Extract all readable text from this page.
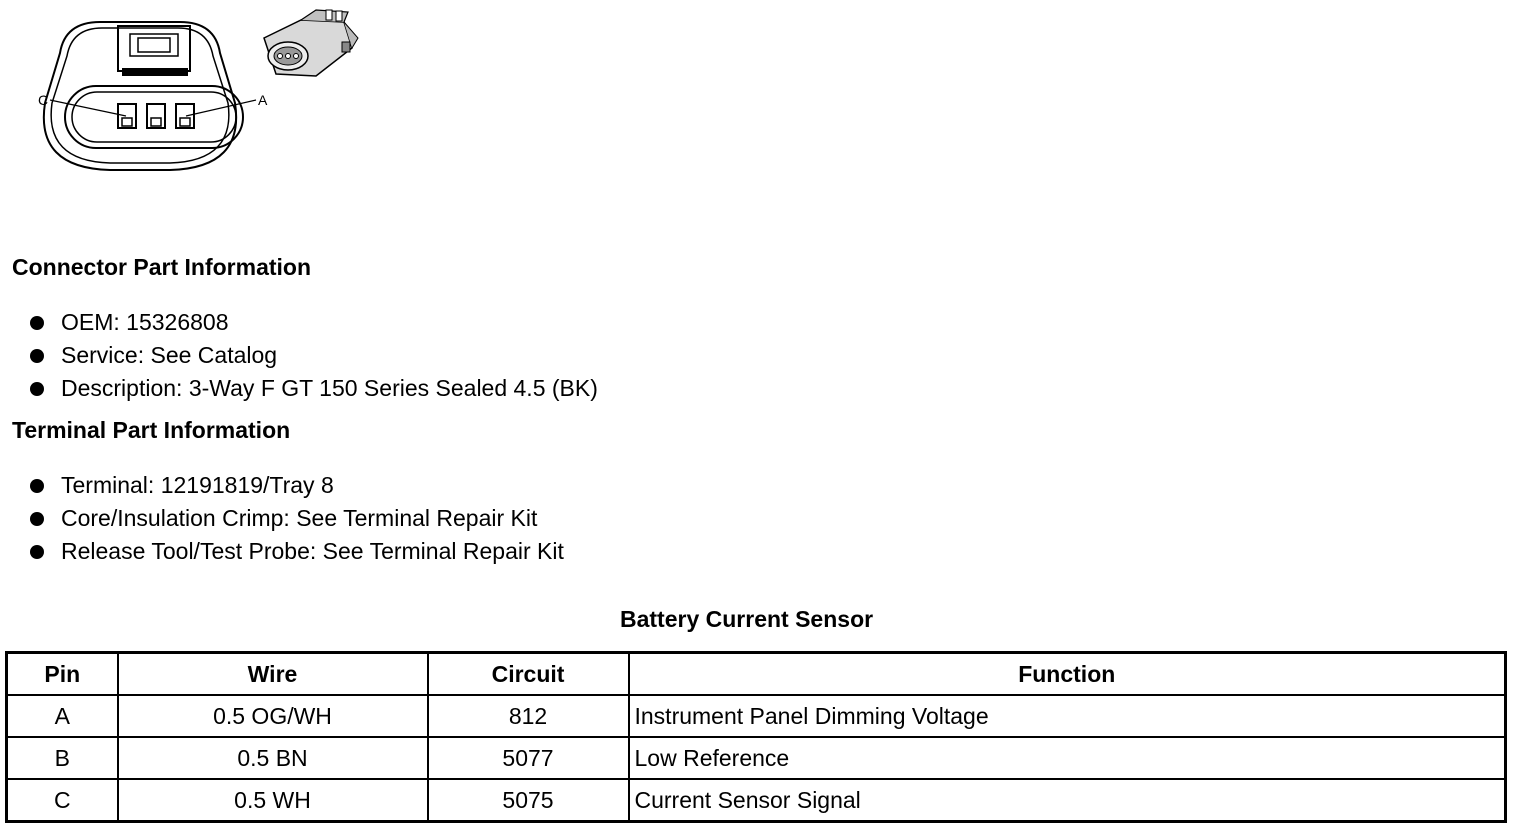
C	A
Connector Part Information
OEM: 15326808
Service: See Catalog
Description: 3-Way F GT 150 Series Sealed 4.5 (BK)
Terminal Part Information
Terminal: 12191819/Tray 8
Core/Insulation Crimp: See Terminal Repair Kit
Release Tool/Test Probe: See Terminal Repair Kit
Battery Current Sensor
Pin	Wire	Circuit	Function
A	0.5 OG/WH	812	Instrument Panel Dimming Voltage
B	0.5 BN	5077	Low Reference
C	0.5 WH	5075	Current Sensor Signal
